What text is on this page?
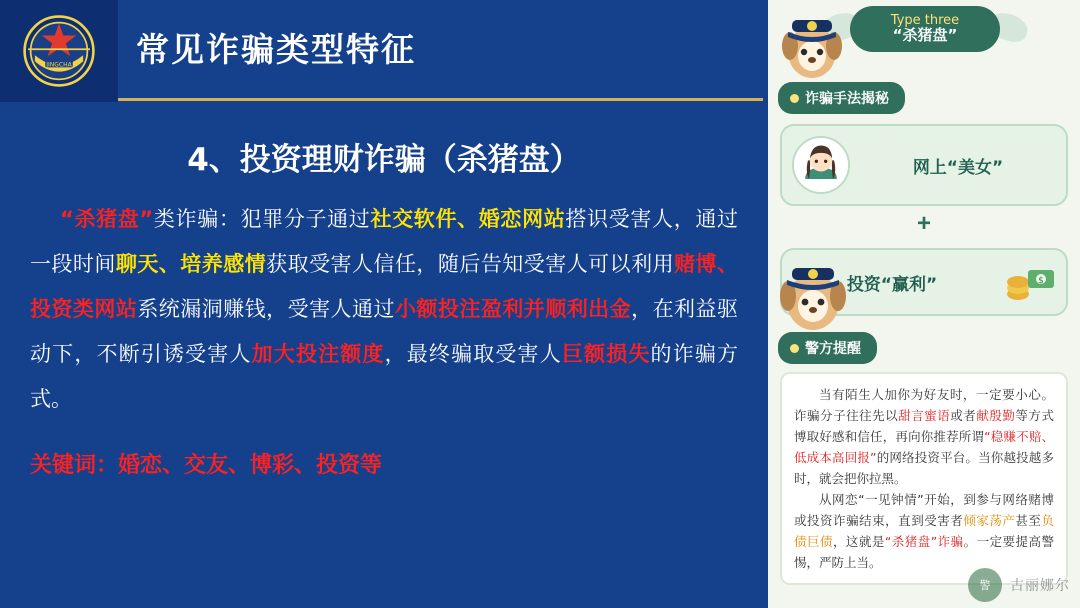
JINGCHA 常见诈骗类型特征
4、投资理财诈骗（杀猪盘）
“杀猪盘”类诈骗：犯罪分子通过社交软件、婚恋网站搭识受害人，通过一段时间聊天、培养感情获取受害人信任，随后告知受害人可以利用赌博、投资类网站系统漏洞赚钱，受害人通过小额投注盈利并顺利出金，在利益驱动下，不断引诱受害人加大投注额度，最终骗取受害人巨额损失的诈骗方式。
关键词：婚恋、交友、博彩、投资等
Type three
“杀猪盘”
诈骗手法揭秘
网上“美女”
+
投资“赢利”	$
警方提醒

当有陌生人加你为好友时，一定要小心。诈骗分子往往先以甜言蜜语或者献殷勤等方式博取好感和信任，再向你推荐所谓“稳赚不赔、低成本高回报”的网络投资平台。当你越投越多时，就会把你拉黑。

从网恋“一见钟情”开始，到参与网络赌博或投资诈骗结束，直到受害者倾家荡产甚至负债巨债，这就是“杀猪盘”诈骗。一定要提高警惕，严防上当。

警	古丽娜尔
